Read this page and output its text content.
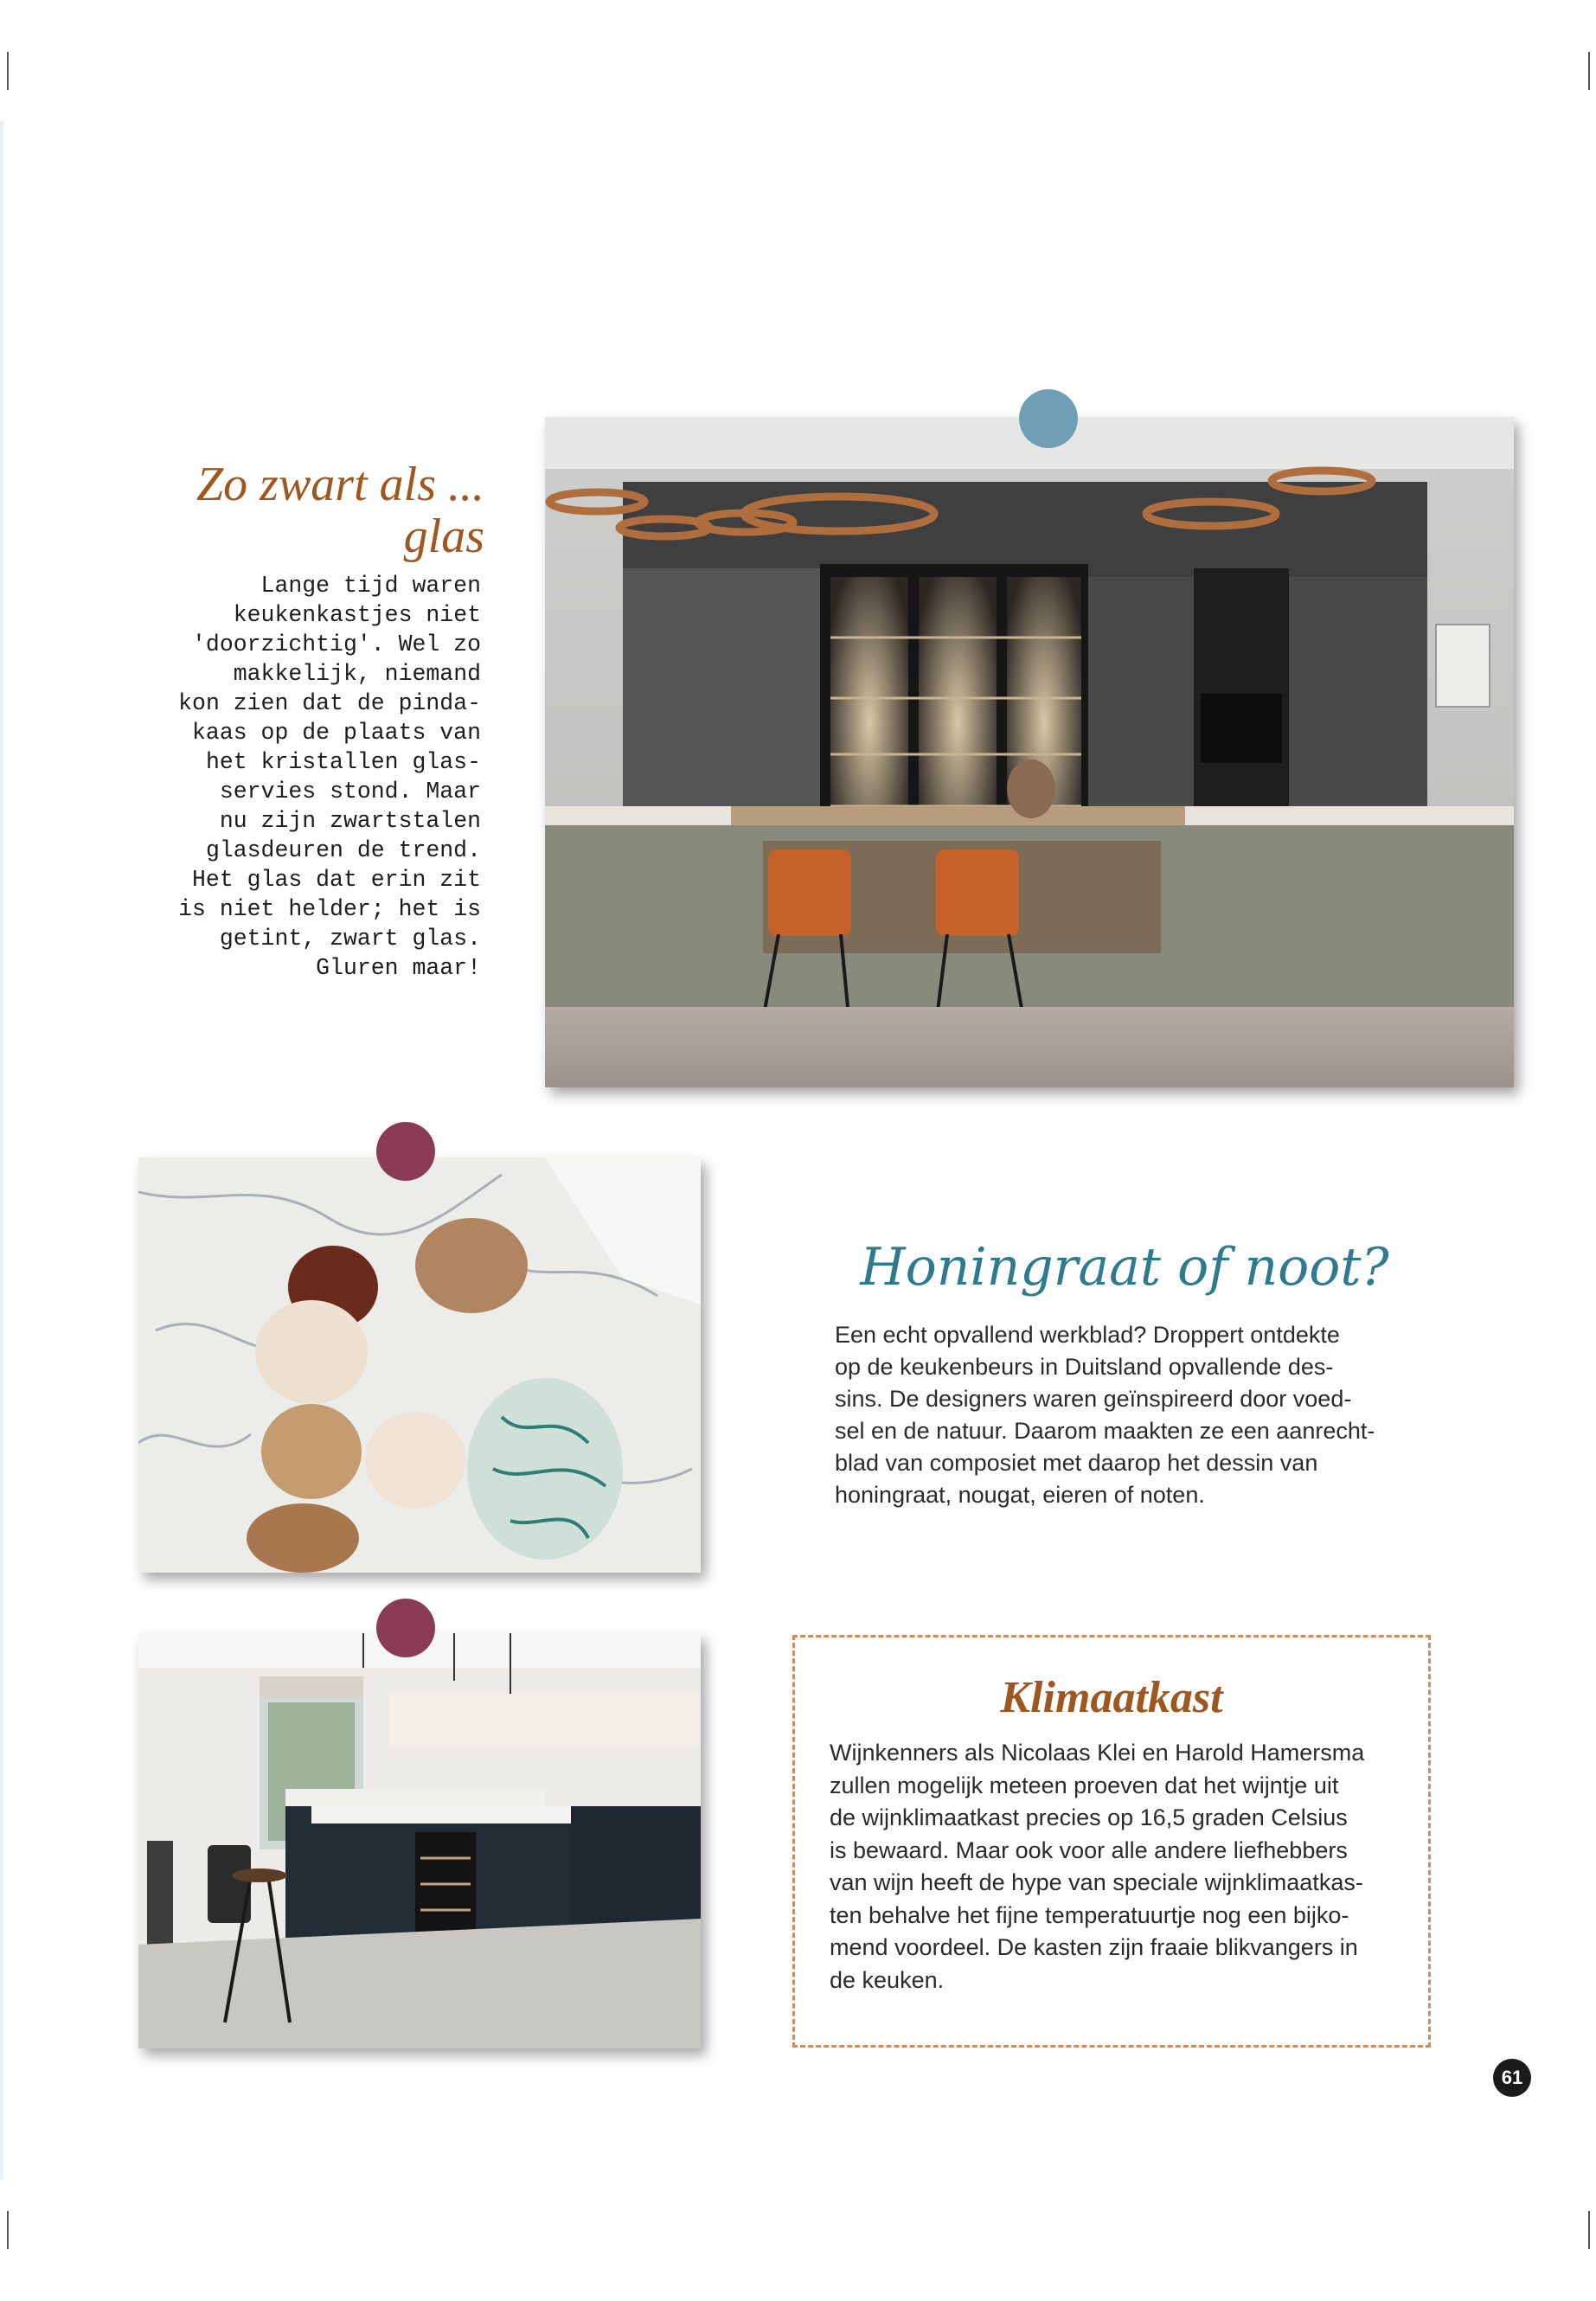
Zo zwart als ...
glas

Lange tijd waren
keukenkastjes niet
'doorzichtig'. Wel zo
makkelijk, niemand
kon zien dat de pinda-
kaas op de plaats van
het kristallen glas-
servies stond. Maar
nu zijn zwartstalen
glasdeuren de trend.
Het glas dat erin zit
is niet helder; het is
getint, zwart glas.
Gluren maar!

Honingraat of noot?

Een echt opvallend werkblad? Droppert ontdekte
op de keukenbeurs in Duitsland opvallende des-
sins. De designers waren geïnspireerd door voed-
sel en de natuur. Daarom maakten ze een aanrecht-
blad van composiet met daarop het dessin van
honingraat, nougat, eieren of noten.

Klimaatkast

Wijnkenners als Nicolaas Klei en Harold Hamersma
zullen mogelijk meteen proeven dat het wijntje uit
de wijnklimaatkast precies op 16,5 graden Celsius
is bewaard. Maar ook voor alle andere liefhebbers
van wijn heeft de hype van speciale wijnklimaatkas-
ten behalve het fijne temperatuurtje nog een bijko-
mend voordeel. De kasten zijn fraaie blikvangers in
de keuken.

61
